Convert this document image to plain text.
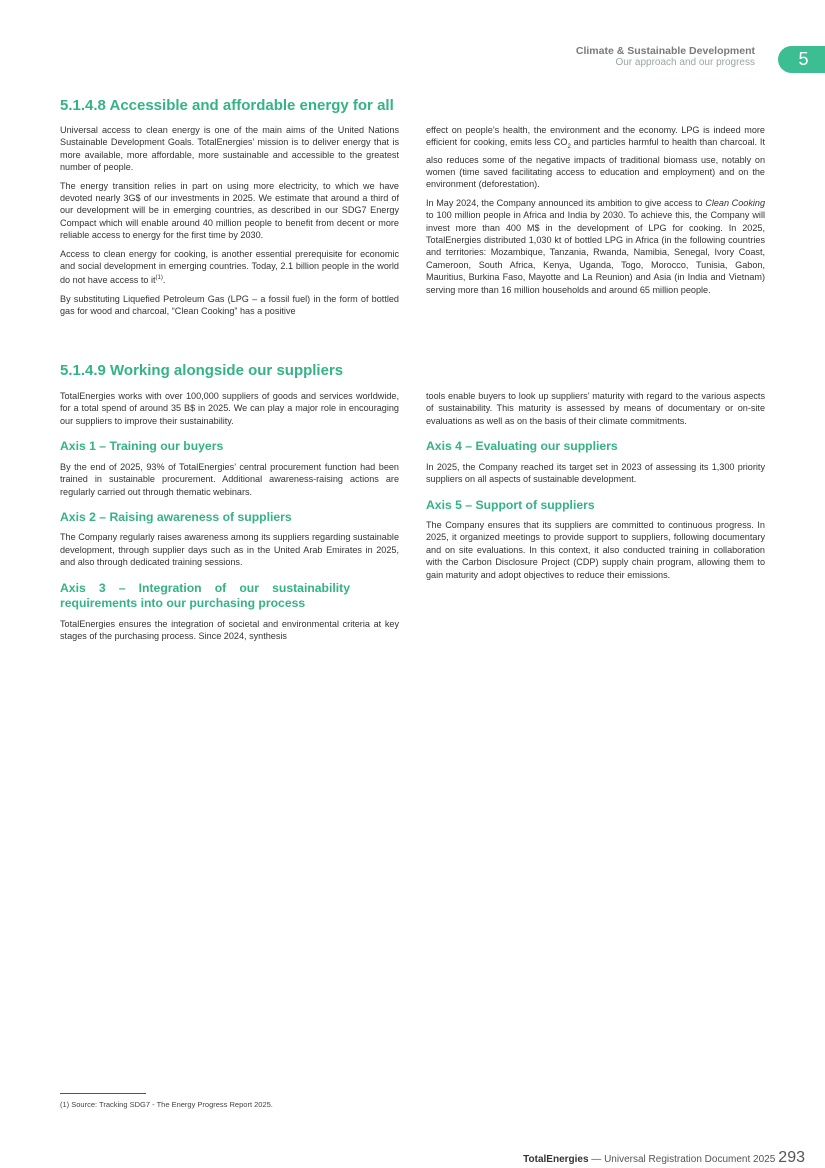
Climate & Sustainable Development
Our approach and our progress	5
5.1.4.8 Accessible and affordable energy for all

Universal access to clean energy is one of the main aims of the United Nations Sustainable Development Goals. TotalEnergies’ mission is to deliver energy that is more available, more affordable, more sustainable and accessible to the greatest number of people.

The energy transition relies in part on using more electricity, to which we have devoted nearly 3G$ of our investments in 2025. We estimate that around a third of our development will be in emerging countries, as described in our SDG7 Energy Compact which will enable around 40 million people to benefit from decent or more reliable access to energy for the first time by 2030.

Access to clean energy for cooking, is another essential prerequisite for economic and social development in emerging countries. Today, 2.1 billion people in the world do not have access to $it^{(1)}$.

By substituting Liquefied Petroleum Gas (LPG – a fossil fuel) in the form of bottled gas for wood and charcoal, “Clean Cooking” has a positive

effect on people’s health, the environment and the economy. LPG is indeed more efficient for cooking, emits less $CO_2$ and particles harmful to health than charcoal. It also reduces some of the negative impacts of traditional biomass use, notably on women (time saved facilitating access to education and employment) and on the environment (deforestation).

In May 2024, the Company announced its ambition to give access to Clean Cooking to 100 million people in Africa and India by 2030. To achieve this, the Company will invest more than 400 M$ in the development of LPG for cooking. In 2025, TotalEnergies distributed 1,030 kt of bottled LPG in Africa (in the following countries and territories: Mozambique, Tanzania, Rwanda, Namibia, Senegal, Ivory Coast, Cameroon, South Africa, Kenya, Uganda, Togo, Morocco, Tunisia, Gabon, Mauritius, Burkina Faso, Mayotte and La Reunion) and Asia (in India and Vietnam) serving more than 16 million households and around 65 million people.

5.1.4.9 Working alongside our suppliers

TotalEnergies works with over 100,000 suppliers of goods and services worldwide, for a total spend of around 35 B$ in 2025. We can play a major role in encouraging our suppliers to improve their sustainability.

Axis 1 – Training our buyers

By the end of 2025, 93% of TotalEnergies’ central procurement function had been trained in sustainable procurement. Additional awareness-raising actions are regularly carried out through thematic webinars.

Axis 2 – Raising awareness of suppliers

The Company regularly raises awareness among its suppliers regarding sustainable development, through supplier days such as in the United Arab Emirates in 2025, and also through dedicated training sessions.

Axis 3 – Integration of our sustainability requirements into our purchasing process

TotalEnergies ensures the integration of societal and environmental criteria at key stages of the purchasing process. Since 2024, synthesis

tools enable buyers to look up suppliers’ maturity with regard to the various aspects of sustainability. This maturity is assessed by means of documentary or on-site evaluations as well as on the basis of their climate commitments.

Axis 4 – Evaluating our suppliers

In 2025, the Company reached its target set in 2023 of assessing its 1,300 priority suppliers on all aspects of sustainable development.

Axis 5 – Support of suppliers

The Company ensures that its suppliers are committed to continuous progress. In 2025, it organized meetings to provide support to suppliers, following documentary and on site evaluations. In this context, it also conducted training in collaboration with the Carbon Disclosure Project (CDP) supply chain program, allowing them to gain maturity and adopt objectives to reduce their emissions.

(1) Source: Tracking SDG7 - The Energy Progress Report 2025.
TotalEnergies — Universal Registration Document 2025 293
